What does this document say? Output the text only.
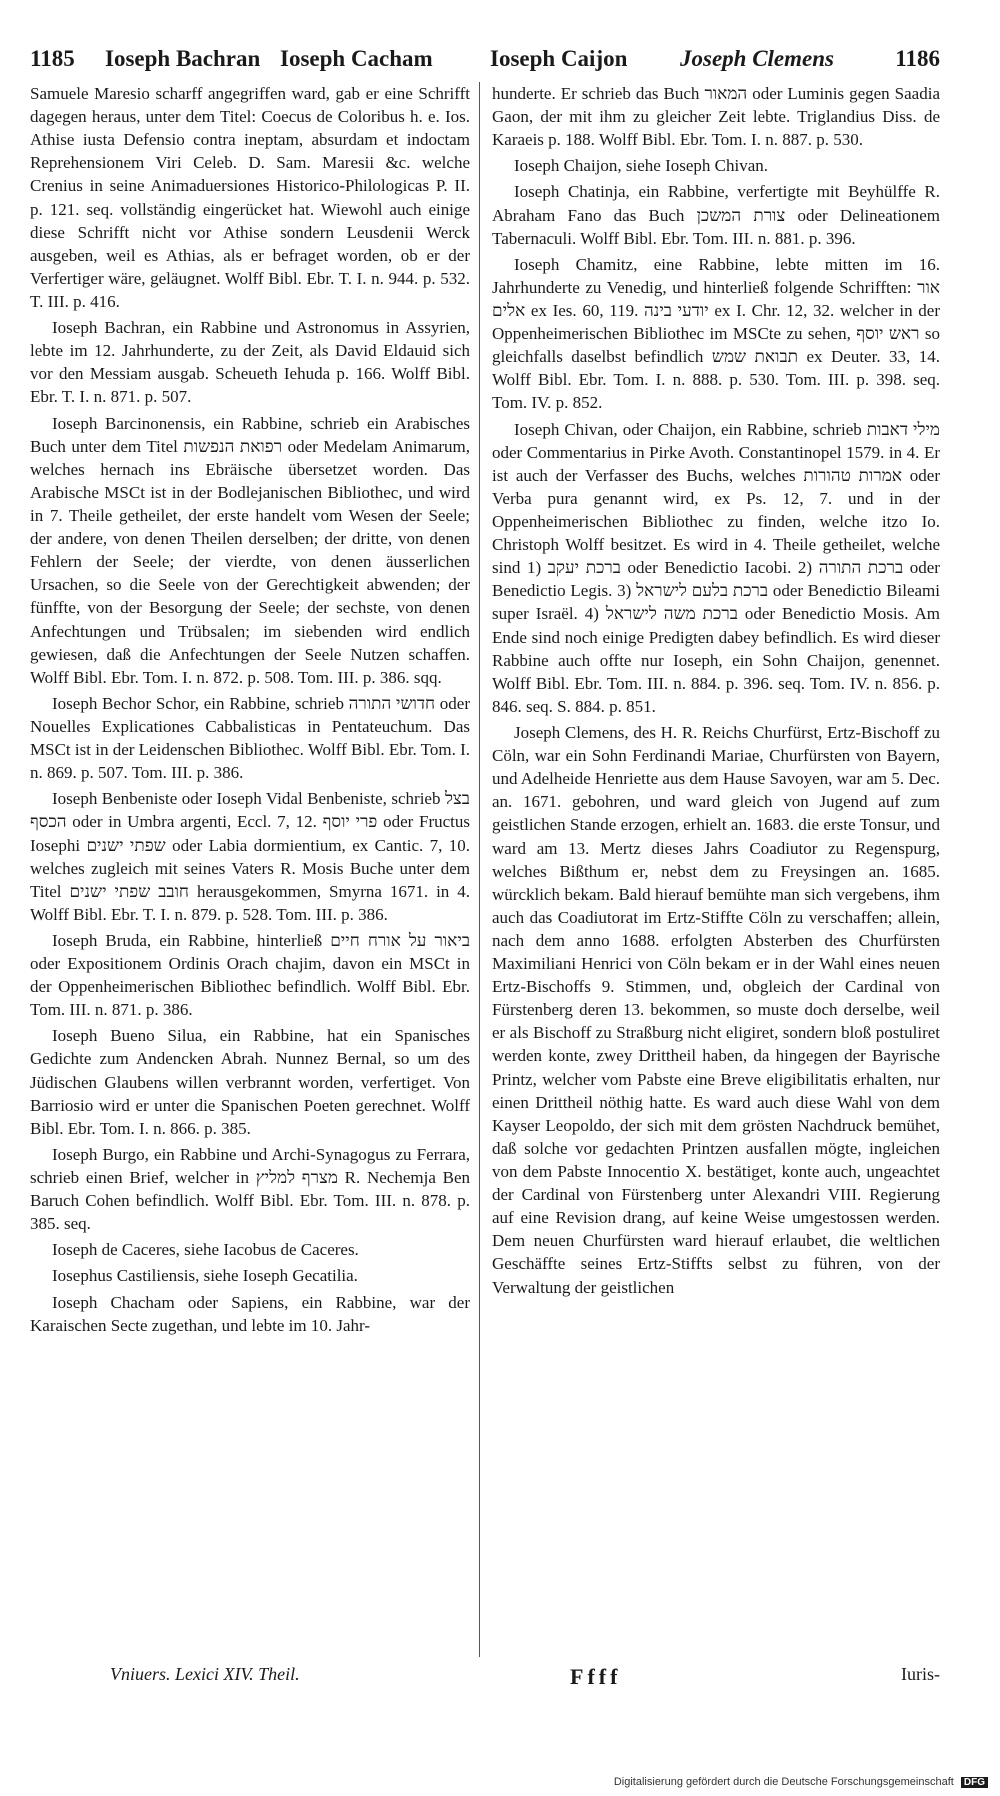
1185 Ioseph Bachran Ioseph Cacham Ioseph Caijon Joseph Clemens	1186

Samuele Maresio scharff angegriffen ward, gab er eine Schrifft dagegen heraus, unter dem Titel: Coecus de Coloribus h. e. Ios. Athise iusta Defensio contra ineptam, absurdam et indoctam Reprehensionem Viri Celeb. D. Sam. Maresii &c. welche Crenius in seine Animaduersiones Historico-Philologicas P. II. p. 121. seq. vollständig eingerücket hat. Wiewohl auch einige diese Schrifft nicht vor Athise sondern Leusdenii Werck ausgeben, weil es Athias, als er befraget worden, ob er der Verfertiger wäre, geläugnet. Wolff Bibl. Ebr. T. I. n. 944. p. 532. T. III. p. 416.

Ioseph Bachran, ein Rabbine und Astronomus in Assyrien, lebte im 12. Jahrhunderte, zu der Zeit, als David Eldauid sich vor den Messiam ausgab. Scheueth Iehuda p. 166. Wolff Bibl. Ebr. T. I. n. 871. p. 507.

Ioseph Barcinonensis, ein Rabbine, schrieb ein Arabisches Buch unter dem Titel רפואת הנפשות oder Medelam Animarum, welches hernach ins Ebräische übersetzet worden. Das Arabische MSCt ist in der Bodlejanischen Bibliothec, und wird in 7. Theile getheilet, der erste handelt vom Wesen der Seele; der andere, von denen Theilen derselben; der dritte, von denen Fehlern der Seele; der vierdte, von denen äusserlichen Ursachen, so die Seele von der Gerechtigkeit abwenden; der fünffte, von der Besorgung der Seele; der sechste, von denen Anfechtungen und Trübsalen; im siebenden wird endlich gewiesen, daß die Anfechtungen der Seele Nutzen schaffen. Wolff Bibl. Ebr. Tom. I. n. 872. p. 508. Tom. III. p. 386. sqq.

Ioseph Bechor Schor, ein Rabbine, schrieb חדושי התורה oder Nouelles Explicationes Cabbalisticas in Pentateuchum. Das MSCt ist in der Leidenschen Bibliothec. Wolff Bibl. Ebr. Tom. I. n. 869. p. 507. Tom. III. p. 386.

Ioseph Benbeniste oder Ioseph Vidal Benbeniste, schrieb בצל הכסף oder in Umbra argenti, Eccl. 7, 12. פרי יוסף oder Fructus Iosephi שפתי ישנים oder Labia dormientium, ex Cantic. 7, 10. welches zugleich mit seines Vaters R. Mosis Buche unter dem Titel חובב שפתי ישנים herausgekommen, Smyrna 1671. in 4. Wolff Bibl. Ebr. T. I. n. 879. p. 528. Tom. III. p. 386.

Ioseph Bruda, ein Rabbine, hinterließ ביאור על אורח חיים oder Expositionem Ordinis Orach chajim, davon ein MSCt in der Oppenheimerischen Bibliothec befindlich. Wolff Bibl. Ebr. Tom. III. n. 871. p. 386.

Ioseph Bueno Silua, ein Rabbine, hat ein Spanisches Gedichte zum Andencken Abrah. Nunnez Bernal, so um des Jüdischen Glaubens willen verbrannt worden, verfertiget. Von Barriosio wird er unter die Spanischen Poeten gerechnet. Wolff Bibl. Ebr. Tom. I. n. 866. p. 385.

Ioseph Burgo, ein Rabbine und Archi-Synagogus zu Ferrara, schrieb einen Brief, welcher in מצרף למליץ R. Nechemja Ben Baruch Cohen befindlich. Wolff Bibl. Ebr. Tom. III. n. 878. p. 385. seq.

Ioseph de Caceres, siehe Iacobus de Caceres.

Iosephus Castiliensis, siehe Ioseph Gecatilia.

Ioseph Chacham oder Sapiens, ein Rabbine, war der Karaischen Secte zugethan, und lebte im 10. Jahr-

hunderte. Er schrieb das Buch המאור oder Luminis gegen Saadia Gaon, der mit ihm zu gleicher Zeit lebte. Triglandius Diss. de Karaeis p. 188. Wolff Bibl. Ebr. Tom. I. n. 887. p. 530.

Ioseph Chaijon, siehe Ioseph Chivan.

Ioseph Chatinja, ein Rabbine, verfertigte mit Beyhülffe R. Abraham Fano das Buch צורת המשכן oder Delineationem Tabernaculi. Wolff Bibl. Ebr. Tom. III. n. 881. p. 396.

Ioseph Chamitz, eine Rabbine, lebte mitten im 16. Jahrhunderte zu Venedig, und hinterließ folgende Schrifften: אור אלים ex Ies. 60, 119. יודעי בינה ex I. Chr. 12, 32. welcher in der Oppenheimerischen Bibliothec im MSCte zu sehen, ראש יוסף so gleichfalls daselbst befindlich תבואת שמש ex Deuter. 33, 14. Wolff Bibl. Ebr. Tom. I. n. 888. p. 530. Tom. III. p. 398. seq. Tom. IV. p. 852.

Ioseph Chivan, oder Chaijon, ein Rabbine, schrieb מילי דאבות oder Commentarius in Pirke Avoth. Constantinopel 1579. in 4. Er ist auch der Verfasser des Buchs, welches אמרות טהורות oder Verba pura genannt wird, ex Ps. 12, 7. und in der Oppenheimerischen Bibliothec zu finden, welche itzo Io. Christoph Wolff besitzet. Es wird in 4. Theile getheilet, welche sind 1) ברכת יעקב oder Benedictio Iacobi. 2) ברכת התורה oder Benedictio Legis. 3) ברכת בלעם לישראל oder Benedictio Bileami super Israël. 4) ברכת משה לישראל oder Benedictio Mosis. Am Ende sind noch einige Predigten dabey befindlich. Es wird dieser Rabbine auch offte nur Ioseph, ein Sohn Chaijon, genennet. Wolff Bibl. Ebr. Tom. III. n. 884. p. 396. seq. Tom. IV. n. 856. p. 846. seq. S. 884. p. 851.

Joseph Clemens, des H. R. Reichs Churfürst, Ertz-Bischoff zu Cöln, war ein Sohn Ferdinandi Mariae, Churfürsten von Bayern, und Adelheide Henriette aus dem Hause Savoyen, war am 5. Dec. an. 1671. gebohren, und ward gleich von Jugend auf zum geistlichen Stande erzogen, erhielt an. 1683. die erste Tonsur, und ward am 13. Mertz dieses Jahrs Coadiutor zu Regenspurg, welches Bißthum er, nebst dem zu Freysingen an. 1685. würcklich bekam. Bald hierauf bemühte man sich vergebens, ihm auch das Coadiutorat im Ertz-Stiffte Cöln zu verschaffen; allein, nach dem anno 1688. erfolgten Absterben des Churfürsten Maximiliani Henrici von Cöln bekam er in der Wahl eines neuen Ertz-Bischoffs 9. Stimmen, und, obgleich der Cardinal von Fürstenberg deren 13. bekommen, so muste doch derselbe, weil er als Bischoff zu Straßburg nicht eligiret, sondern bloß postuliret werden konte, zwey Drittheil haben, da hingegen der Bayrische Printz, welcher vom Pabste eine Breve eligibilitatis erhalten, nur einen Drittheil nöthig hatte. Es ward auch diese Wahl von dem Kayser Leopoldo, der sich mit dem grösten Nachdruck bemühet, daß solche vor gedachten Printzen ausfallen mögte, ingleichen von dem Pabste Innocentio X. bestätiget, konte auch, ungeachtet der Cardinal von Fürstenberg unter Alexandri VIII. Regierung auf eine Revision drang, auf keine Weise umgestossen werden. Dem neuen Churfürsten ward hierauf erlaubet, die weltlichen Geschäffte seines Ertz-Stiffts selbst zu führen, von der Verwaltung der geistlichen

Vniuers. Lexici XIV. Theil.	Ffff	Iuris-
Digitalisierung gefördert durch die Deutsche Forschungsgemeinschaft DFG
